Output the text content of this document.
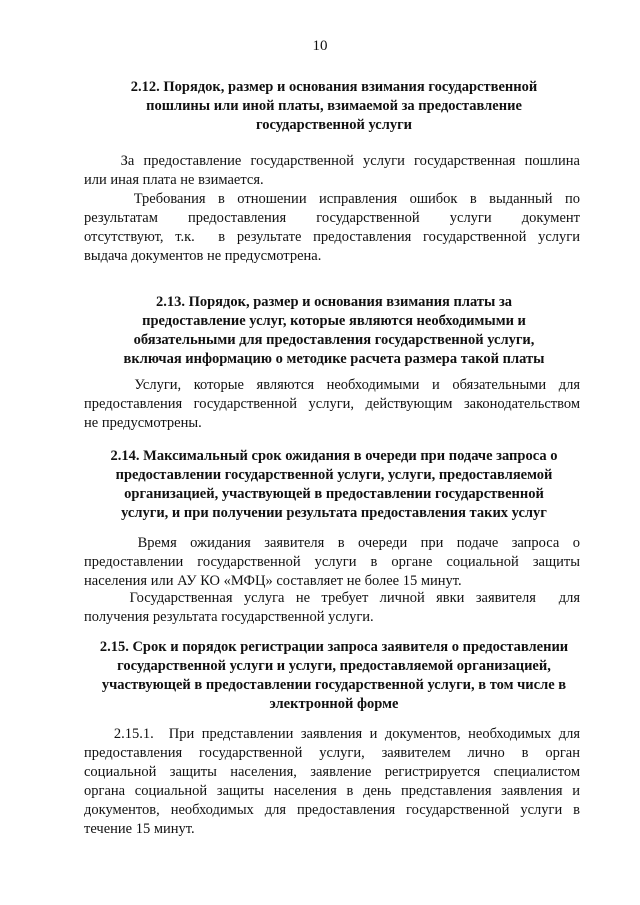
10
2.12. Порядок, размер и основания взимания государственной
пошлины или иной платы, взимаемой за предоставление
государственной услуги
За предоставление государственной услуги государственная пошлина
или иная плата не взимается.
Требования в отношении исправления ошибок в выданный по
результатам предоставления государственной услуги документ
отсутствуют, т.к.  в результате предоставления государственной услуги
выдача документов не предусмотрена.
2.13. Порядок, размер и основания взимания платы за
предоставление услуг, которые являются необходимыми и
обязательными для предоставления государственной услуги,
включая информацию о методике расчета размера такой платы
Услуги, которые являются необходимыми и обязательными для
предоставления государственной услуги, действующим законодательством
не предусмотрены.
2.14. Максимальный срок ожидания в очереди при подаче запроса о
предоставлении государственной услуги, услуги, предоставляемой
организацией, участвующей в предоставлении государственной
услуги, и при получении результата предоставления таких услуг
Время ожидания заявителя в очереди при подаче запроса о
предоставлении государственной услуги в органе социальной защиты
населения или АУ КО «МФЦ» составляет не более 15 минут.
Государственная услуга не требует личной явки заявителя  для
получения результата государственной услуги.
2.15. Срок и порядок регистрации запроса заявителя о предоставлении
государственной услуги и услуги, предоставляемой организацией,
участвующей в предоставлении государственной услуги, в том числе в
электронной форме
2.15.1.  При представлении заявления и документов, необходимых для
предоставления государственной услуги, заявителем лично в орган
социальной защиты населения, заявление регистрируется специалистом
органа социальной защиты населения в день представления заявления и
документов, необходимых для предоставления государственной услуги в
течение 15 минут.
